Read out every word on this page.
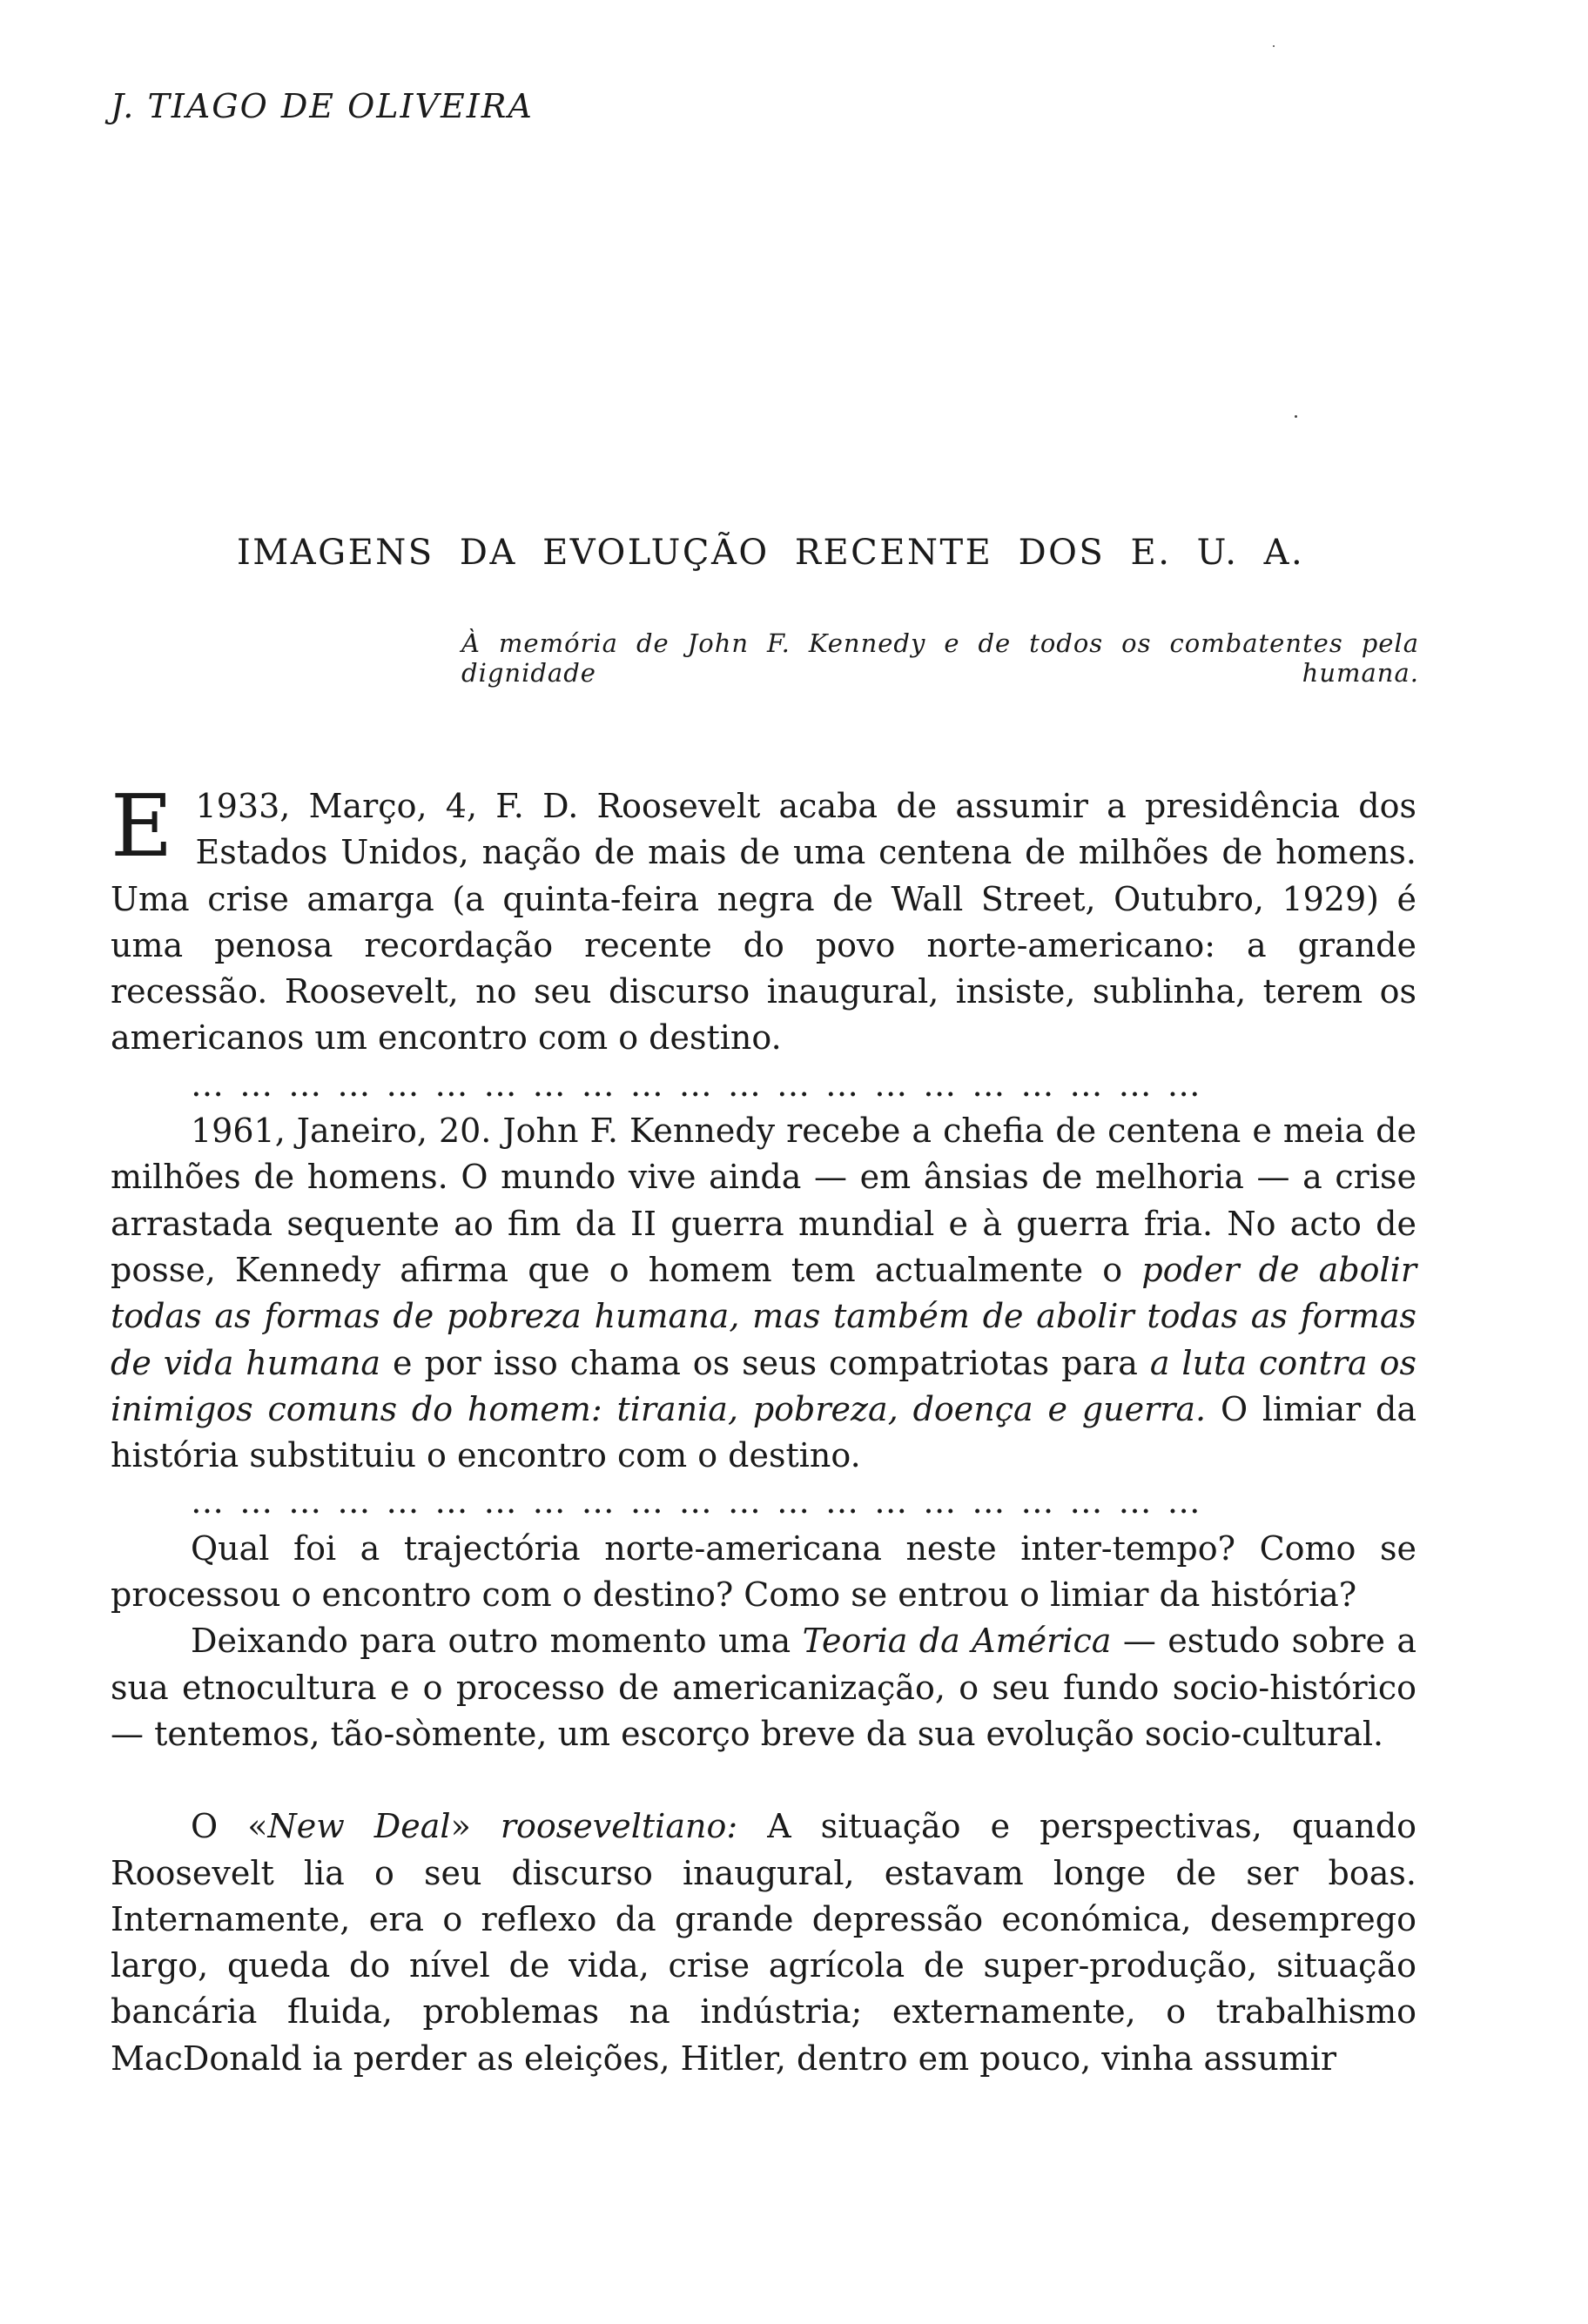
J. TIAGO DE OLIVEIRA

IMAGENS DA EVOLUÇÃO RECENTE DOS E. U. A.

À memória de John F. Kennedy e de todos os combatentes pela dignidade humana.

E 1933, Março, 4, F. D. Roosevelt acaba de assumir a presidência dos Estados Unidos, nação de mais de uma centena de milhões de homens. Uma crise amarga (a quinta-feira negra de Wall Street, Outubro, 1929) é uma penosa recordação recente do povo norte-americano: a grande recessão. Roosevelt, no seu discurso inaugural, insiste, sublinha, terem os americanos um encontro com o destino.

… … … … … … … … … … … … … … … … … … … … …

1961, Janeiro, 20. John F. Kennedy recebe a chefia de centena e meia de milhões de homens. O mundo vive ainda — em ânsias de melhoria — a crise arrastada sequente ao fim da II guerra mundial e à guerra fria. No acto de posse, Kennedy afirma que o homem tem actualmente o poder de abolir todas as formas de pobreza humana, mas também de abolir todas as formas de vida humana e por isso chama os seus compatriotas para a luta contra os inimigos comuns do homem: tirania, pobreza, doença e guerra. O limiar da história substituiu o encontro com o destino.

… … … … … … … … … … … … … … … … … … … … …

Qual foi a trajectória norte-americana neste inter-tempo? Como se processou o encontro com o destino? Como se entrou o limiar da história?

Deixando para outro momento uma Teoria da América — estudo sobre a sua etnocultura e o processo de americanização, o seu fundo socio-histórico — tentemos, tão-sòmente, um escorço breve da sua evolução socio-cultural.

O «New Deal» rooseveltiano: A situação e perspectivas, quando Roosevelt lia o seu discurso inaugural, estavam longe de ser boas. Internamente, era o reflexo da grande depressão económica, desemprego largo, queda do nível de vida, crise agrícola de super-produção, situação bancária fluida, problemas na indústria; externamente, o trabalhismo MacDonald ia perder as eleições, Hitler, dentro em pouco, vinha assumir
